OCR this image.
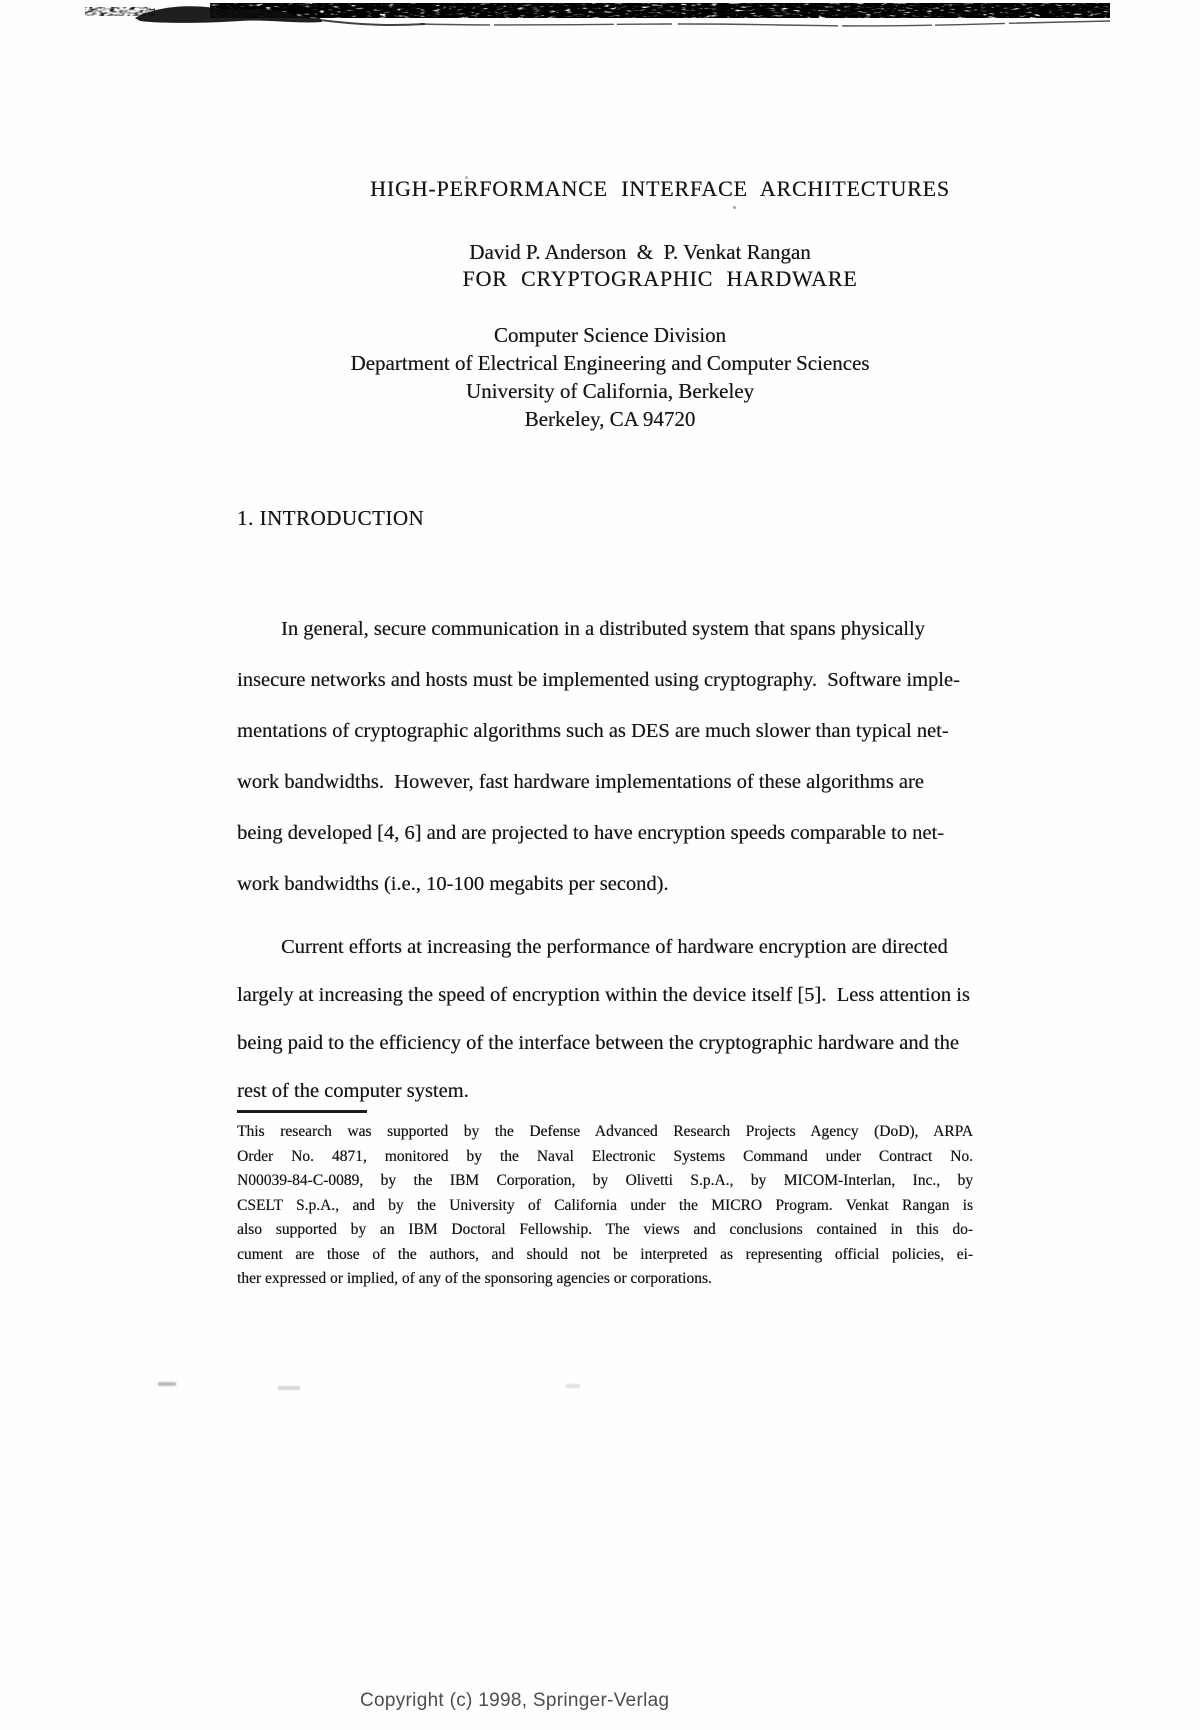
HIGH-PERFORMANCE INTERFACE ARCHITECTURES

FOR CRYPTOGRAPHIC HARDWARE

David P. Anderson  &  P. Venkat Rangan
Computer Science Division
Department of Electrical Engineering and Computer Sciences
University of California, Berkeley
Berkeley, CA 94720
1. INTRODUCTION
In general, secure communication in a distributed system that spans physically
insecure networks and hosts must be implemented using cryptography.  Software imple-
mentations of cryptographic algorithms such as DES are much slower than typical net-
work bandwidths.  However, fast hardware implementations of these algorithms are
being developed [4, 6] and are projected to have encryption speeds comparable to net-
work bandwidths (i.e., 10-100 megabits per second).
Current efforts at increasing the performance of hardware encryption are directed
largely at increasing the speed of encryption within the device itself [5].  Less attention is
being paid to the efficiency of the interface between the cryptographic hardware and the
rest of the computer system.
This research was supported by the Defense Advanced Research Projects Agency (DoD), ARPA
Order No. 4871, monitored by the Naval Electronic Systems Command under Contract No.
N00039-84-C-0089, by the IBM Corporation, by Olivetti S.p.A., by MICOM-Interlan, Inc., by
CSELT S.p.A., and by the University of California under the MICRO Program. Venkat Rangan is
also supported by an IBM Doctoral Fellowship. The views and conclusions contained in this do-
cument are those of the authors, and should not be interpreted as representing official policies, ei-
ther expressed or implied, of any of the sponsoring agencies or corporations.
Copyright (c) 1998, Springer-Verlag
